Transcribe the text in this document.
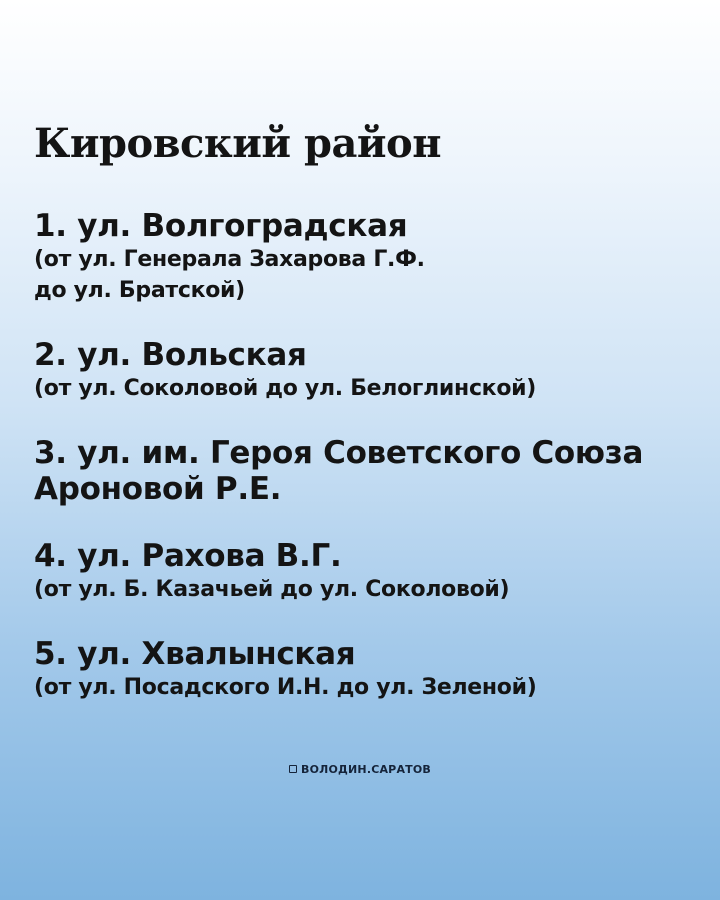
Кировский район
1. ул. Волгоградская
(от ул. Генерала Захарова Г.Ф.
до ул. Братской)
2. ул. Вольская
(от ул. Соколовой до ул. Белоглинской)
3. ул. им. Героя Советского Союза
Ароновой Р.Е.
4. ул. Рахова В.Г.
(от ул. Б. Казачьей до ул. Соколовой)
5. ул. Хвалынская
(от ул. Посадского И.Н. до ул. Зеленой)
ВОЛОДИН.САРАТОВ
